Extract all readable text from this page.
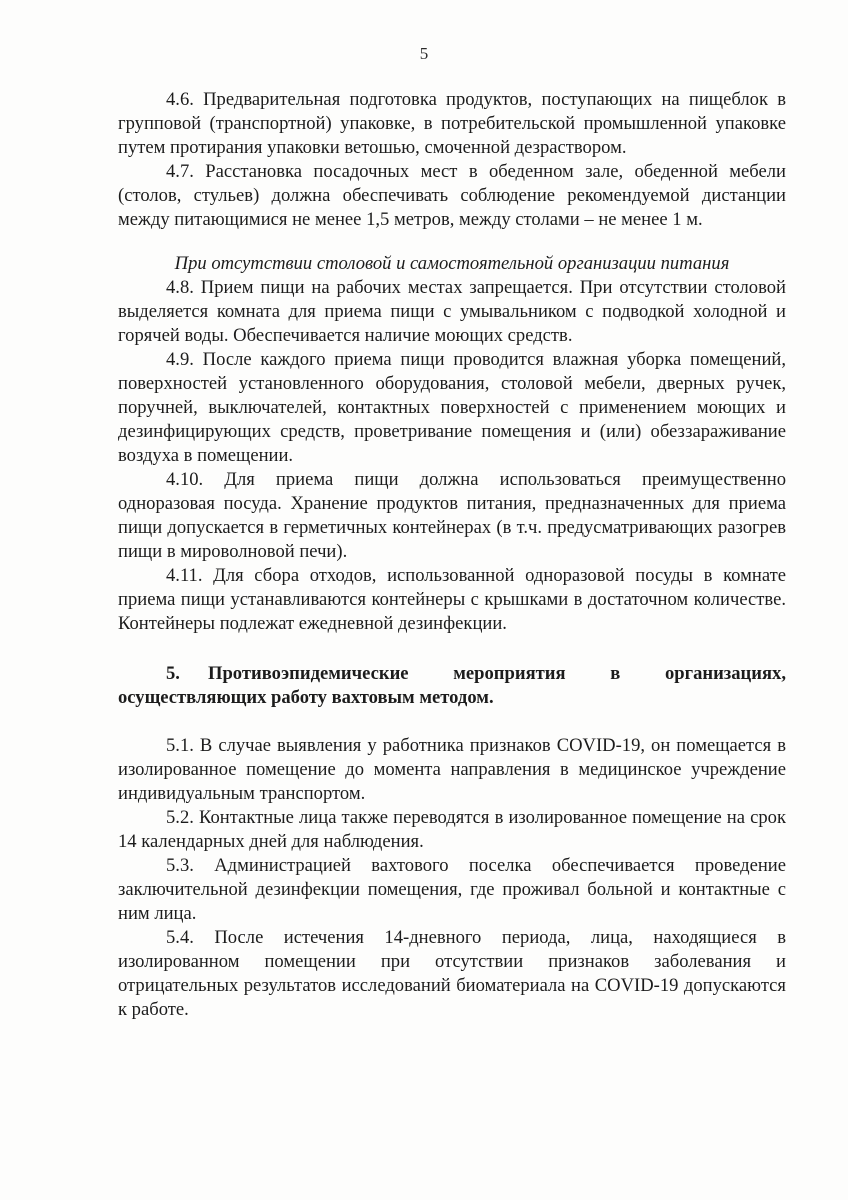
5

4.6. Предварительная подготовка продуктов, поступающих на пищеблок в групповой (транспортной) упаковке, в потребительской промышленной упаковке путем протирания упаковки ветошью, смоченной дезраствором.

4.7. Расстановка посадочных мест в обеденном зале, обеденной мебели (столов, стульев) должна обеспечивать соблюдение рекомендуемой дистанции между питающимися не менее 1,5 метров, между столами – не менее 1 м.

При отсутствии столовой и самостоятельной организации питания

4.8. Прием пищи на рабочих местах запрещается. При отсутствии столовой выделяется комната для приема пищи с умывальником с подводкой холодной и горячей воды. Обеспечивается наличие моющих средств.

4.9. После каждого приема пищи проводится влажная уборка помещений, поверхностей установленного оборудования, столовой мебели, дверных ручек, поручней, выключателей, контактных поверхностей с применением моющих и дезинфицирующих средств, проветривание помещения и (или) обеззараживание воздуха в помещении.

4.10. Для приема пищи должна использоваться преимущественно одноразовая посуда. Хранение продуктов питания, предназначенных для приема пищи допускается в герметичных контейнерах (в т.ч. предусматривающих разогрев пищи в мироволновой печи).

4.11. Для сбора отходов, использованной одноразовой посуды в комнате приема пищи устанавливаются контейнеры с крышками в достаточном количестве. Контейнеры подлежат ежедневной дезинфекции.

5. Противоэпидемические мероприятия в организациях, осуществляющих работу вахтовым методом.

5.1. В случае выявления у работника признаков COVID-19, он помещается в изолированное помещение до момента направления в медицинское учреждение индивидуальным транспортом.

5.2. Контактные лица также переводятся в изолированное помещение на срок 14 календарных дней для наблюдения.

5.3. Администрацией вахтового поселка обеспечивается проведение заключительной дезинфекции помещения, где проживал больной и контактные с ним лица.

5.4. После истечения 14-дневного периода, лица, находящиеся в изолированном помещении при отсутствии признаков заболевания и отрицательных результатов исследований биоматериала на COVID-19 допускаются к работе.
